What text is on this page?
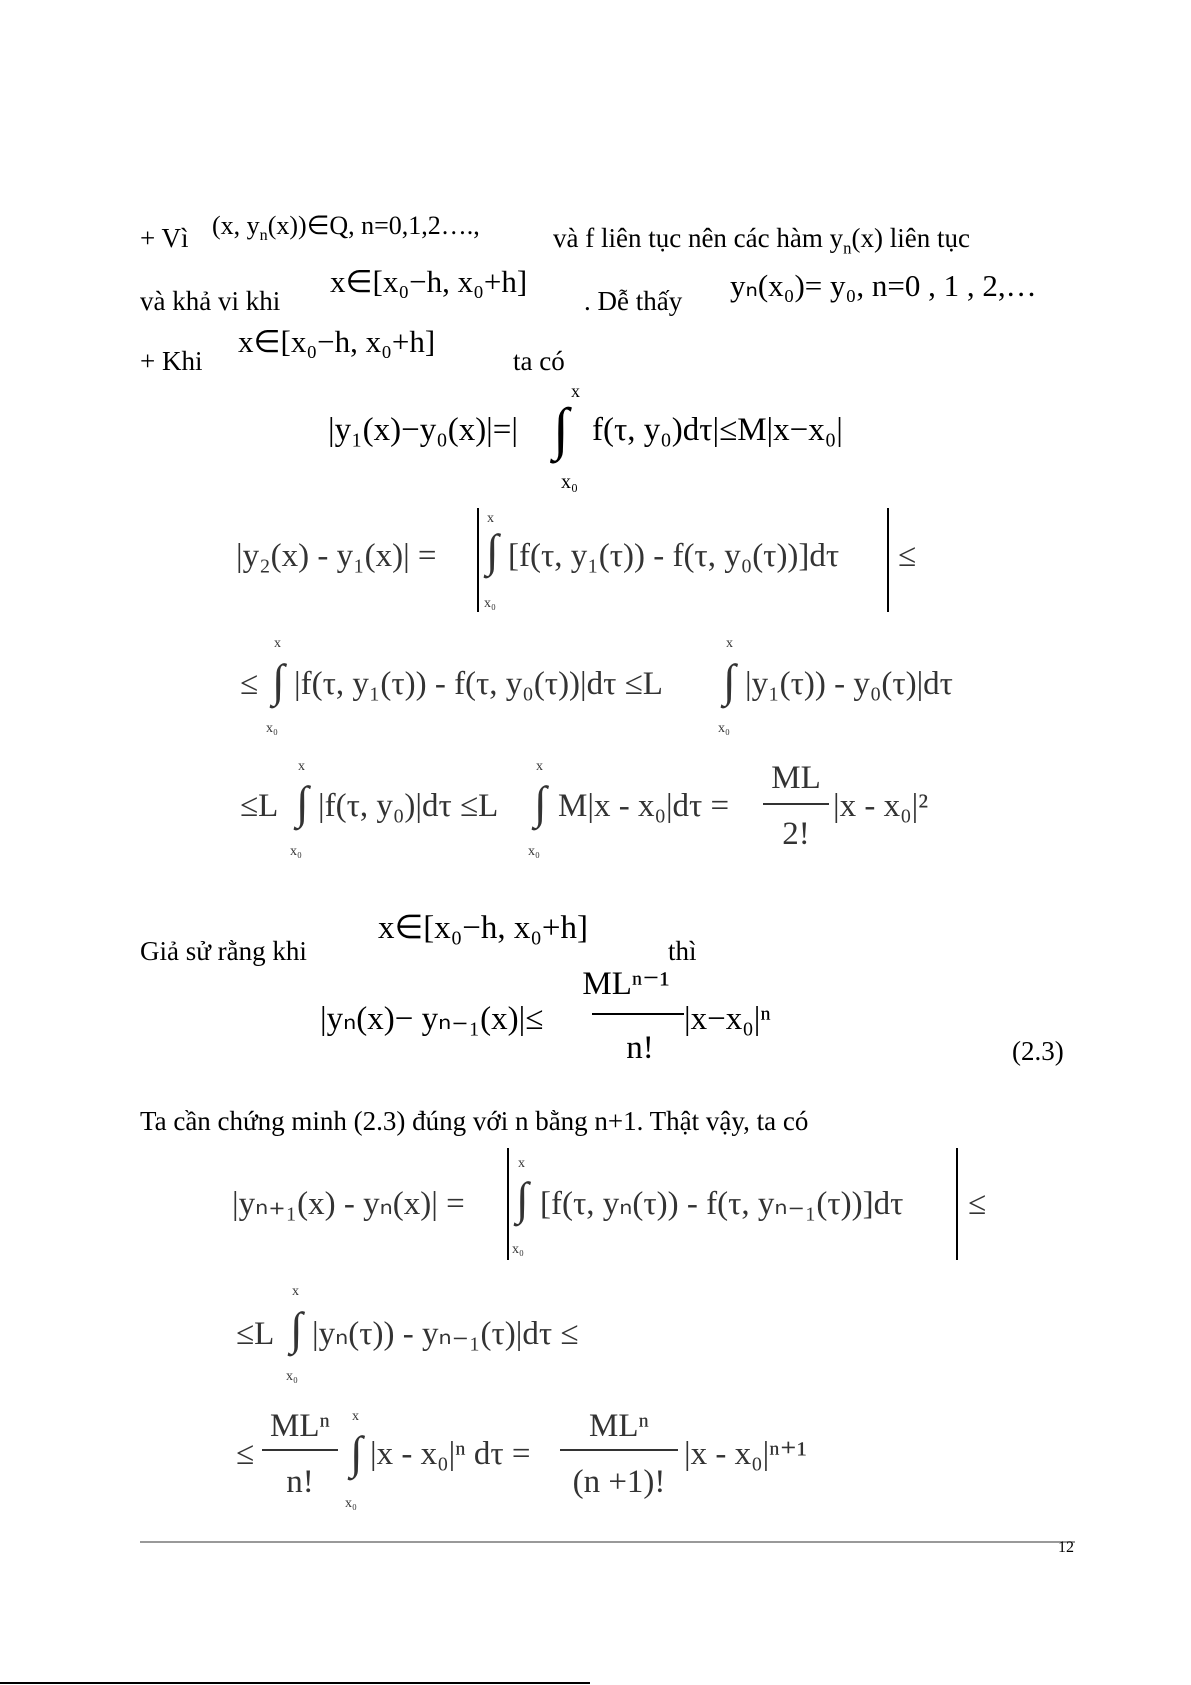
+ Vì (x, $y_n(x))\in Q$, n=0,1,2….,	và f liên tục nên các hàm $y_n(x)$ liên tục
và khả vi khi
x∈[x₀−h, x₀+h]
. Dễ thấy yₙ(x₀)= y₀, n=0 , 1 , 2,…
+ Khi
x∈[x₀−h, x₀+h]
ta có
|y₁(x)−y₀(x)|=| ∫
x
x₀
f(τ, y₀)dτ|≤M|x−x₀|
|y₂(x) - y₁(x)| = ∫
x
x₀
[f(τ, y₁(τ)) - f(τ, y₀(τ))]dτ ≤
≤ ∫
x
x₀
|f(τ, y₁(τ)) - f(τ, y₀(τ))|dτ ≤L ∫
x
x₀
|y₁(τ)) - y₀(τ)|dτ
≤L ∫
x
x₀
|f(τ, y₀)|dτ ≤L ∫
x
x₀
M|x - x₀|dτ =
ML
2!
|x - x₀|²
Giả sử rằng khi
x∈[x₀−h, x₀+h]
thì
|yₙ(x)− yₙ₋₁(x)|≤
MLⁿ⁻¹
n!
|x−x₀|ⁿ
(2.3)
Ta cần chứng minh (2.3) đúng với n bằng n+1. Thật vậy, ta có
|yₙ₊₁(x) - yₙ(x)| = ∫
x
x₀
[f(τ, yₙ(τ)) - f(τ, yₙ₋₁(τ))]dτ ≤
≤L ∫
x
x₀
|yₙ(τ)) - yₙ₋₁(τ)|dτ ≤
≤
MLⁿ
n!
∫
x
x₀
|x - x₀|ⁿ dτ =
MLⁿ
(n +1)!
|x - x₀|ⁿ⁺¹
12
